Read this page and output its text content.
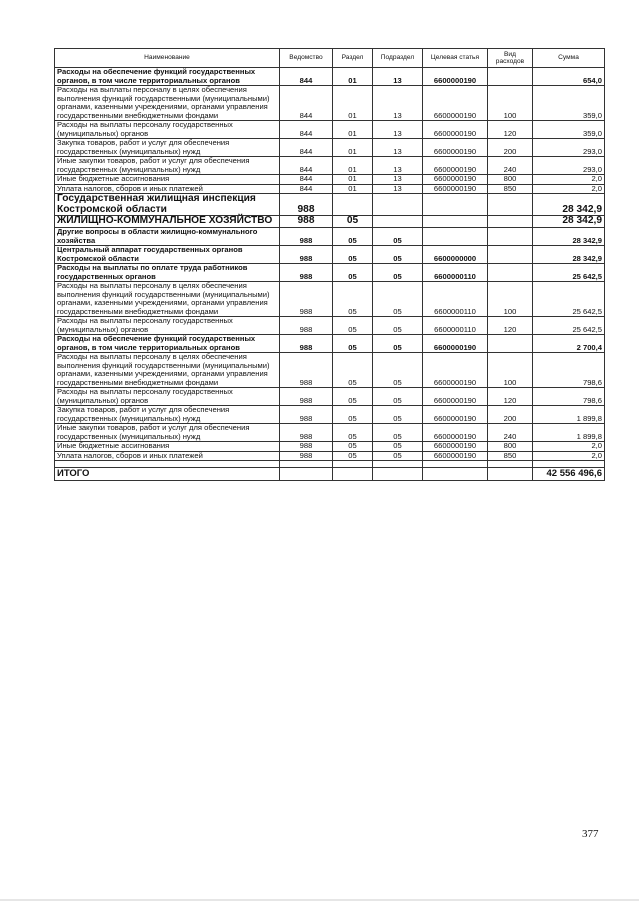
Наименование	Ведомство	Раздел	Подраздел	Целевая статья	Вид расходов	Сумма
Расходы на обеспечение функций государственных органов, в том числе территориальных органов	844	01	13	6600000190		654,0
Расходы на выплаты персоналу в целях обеспечения выполнения функций государственными (муниципальными) органами, казенными учреждениями, органами управления государственными внебюджетными фондами	844	01	13	6600000190	100	359,0
Расходы на выплаты персоналу государственных (муниципальных) органов	844	01	13	6600000190	120	359,0
Закупка товаров, работ и услуг для обеспечения государственных (муниципальных) нужд	844	01	13	6600000190	200	293,0
Иные закупки товаров, работ и услуг для обеспечения государственных (муниципальных) нужд	844	01	13	6600000190	240	293,0
Иные бюджетные ассигнования	844	01	13	6600000190	800	2,0
Уплата налогов, сборов и иных платежей	844	01	13	6600000190	850	2,0
Государственная жилищная инспекция Костромской области	988					28 342,9
ЖИЛИЩНО-КОММУНАЛЬНОЕ ХОЗЯЙСТВО	988	05				28 342,9
Другие вопросы в области жилищно-коммунального хозяйства	988	05	05			28 342,9
Центральный аппарат государственных органов Костромской области	988	05	05	6600000000		28 342,9
Расходы на выплаты по оплате труда работников государственных органов	988	05	05	6600000110		25 642,5
Расходы на выплаты персоналу в целях обеспечения выполнения функций государственными (муниципальными) органами, казенными учреждениями, органами управления государственными внебюджетными фондами	988	05	05	6600000110	100	25 642,5
Расходы на выплаты персоналу государственных (муниципальных) органов	988	05	05	6600000110	120	25 642,5
Расходы на обеспечение функций государственных органов, в том числе территориальных органов	988	05	05	6600000190		2 700,4
Расходы на выплаты персоналу в целях обеспечения выполнения функций государственными (муниципальными) органами, казенными учреждениями, органами управления государственными внебюджетными фондами	988	05	05	6600000190	100	798,6
Расходы на выплаты персоналу государственных (муниципальных) органов	988	05	05	6600000190	120	798,6
Закупка товаров, работ и услуг для обеспечения государственных (муниципальных) нужд	988	05	05	6600000190	200	1 899,8
Иные закупки товаров, работ и услуг для обеспечения государственных (муниципальных) нужд	988	05	05	6600000190	240	1 899,8
Иные бюджетные ассигнования	988	05	05	6600000190	800	2,0
Уплата налогов, сборов и иных платежей	988	05	05	6600000190	850	2,0

ИТОГО						42 556 496,6
377
